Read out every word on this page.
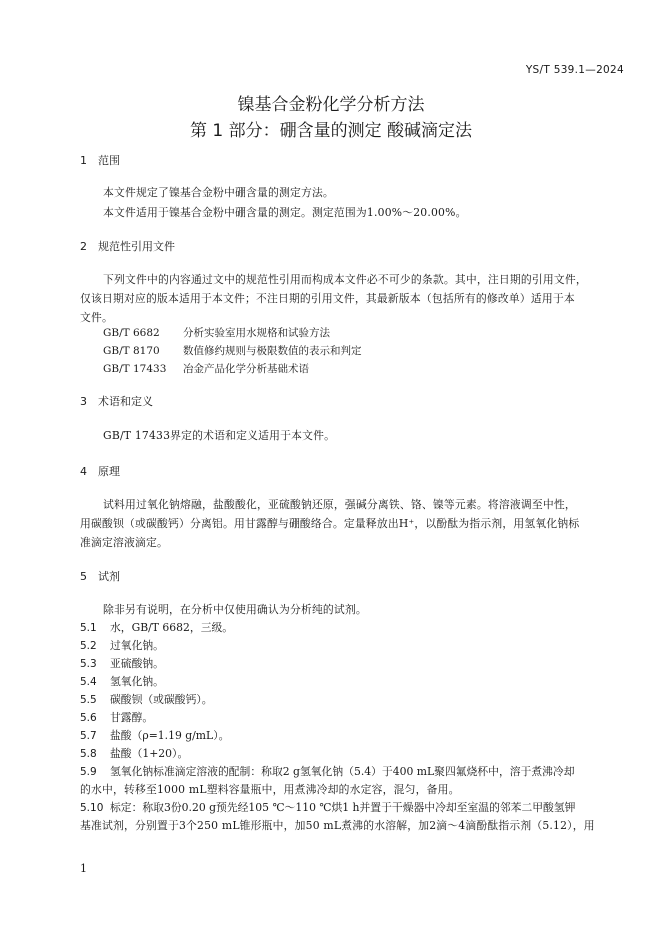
YS/T 539.1—2024
镍基合金粉化学分析方法
第 1 部分：硼含量的测定 酸碱滴定法
1 范围
本文件规定了镍基合金粉中硼含量的测定方法。
本文件适用于镍基合金粉中硼含量的测定。测定范围为1.00%～20.00%。
2 规范性引用文件
下列文件中的内容通过文中的规范性引用而构成本文件必不可少的条款。其中，注日期的引用文件，
仅该日期对应的版本适用于本文件；不注日期的引用文件，其最新版本（包括所有的修改单）适用于本
文件。
GB/T 6682 分析实验室用水规格和试验方法
GB/T 8170 数值修约规则与极限数值的表示和判定
GB/T 17433 冶金产品化学分析基础术语
3 术语和定义
GB/T 17433界定的术语和定义适用于本文件。
4 原理
试料用过氧化钠熔融，盐酸酸化，亚硫酸钠还原，强碱分离铁、铬、镍等元素。将溶液调至中性，
用碳酸钡（或碳酸钙）分离铝。用甘露醇与硼酸络合。定量释放出H⁺，以酚酞为指示剂，用氢氧化钠标
准滴定溶液滴定。
5 试剂
除非另有说明，在分析中仅使用确认为分析纯的试剂。
5.1 水，GB/T 6682，三级。
5.2 过氧化钠。
5.3 亚硫酸钠。
5.4 氢氧化钠。
5.5 碳酸钡（或碳酸钙）。
5.6 甘露醇。
5.7 盐酸（ρ=1.19 g/mL）。
5.8 盐酸（1+20）。
5.9 氢氧化钠标准滴定溶液的配制：称取2 g氢氧化钠（5.4）于400 mL聚四氟烧杯中，溶于煮沸冷却
的水中，转移至1000 mL塑料容量瓶中，用煮沸冷却的水定容，混匀，备用。
5.10 标定：称取3份0.20 g预先经105 ℃～110 ℃烘1 h并置于干燥器中冷却至室温的邻苯二甲酸氢钾
基准试剂，分别置于3个250 mL锥形瓶中，加50 mL煮沸的水溶解，加2滴～4滴酚酞指示剂（5.12），用
1
